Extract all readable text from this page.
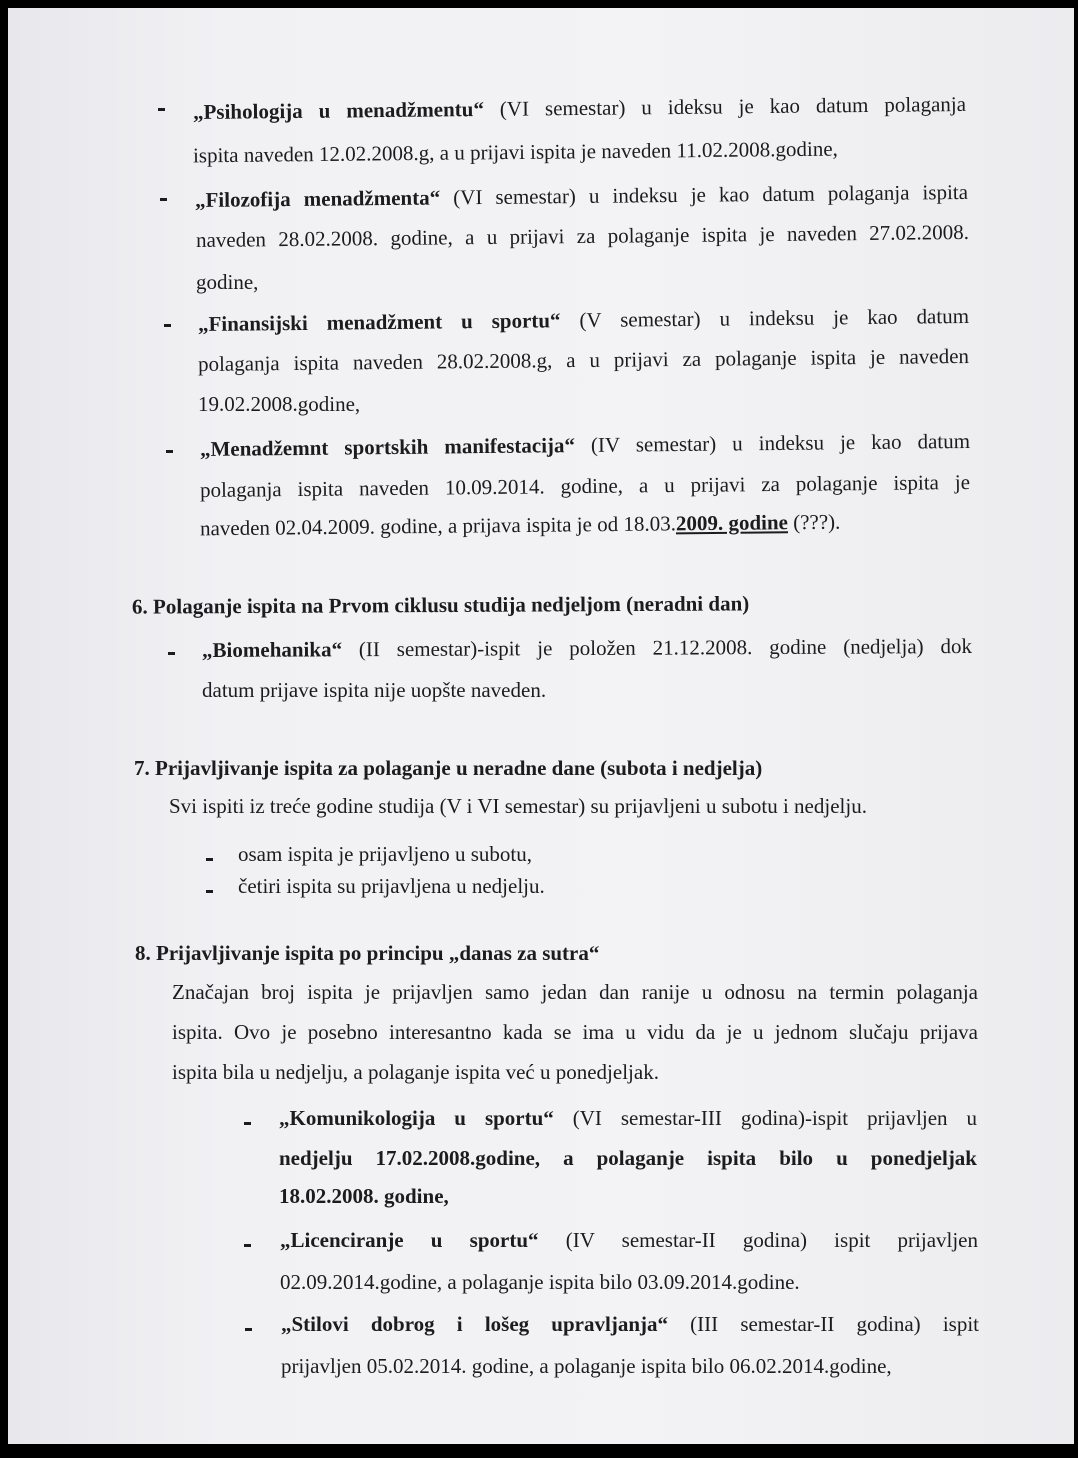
„Psihologija u menadžmentu“ (VI semestar) u ideksu je kao datum polaganja
ispita naveden 12.02.2008.g, a u prijavi ispita je naveden 11.02.2008.godine,
„Filozofija menadžmenta“ (VI semestar) u indeksu je kao datum polaganja ispita
naveden 28.02.2008. godine, a u prijavi za polaganje ispita je naveden 27.02.2008.
godine,
„Finansijski menadžment u sportu“ (V semestar) u indeksu je kao datum
polaganja ispita naveden 28.02.2008.g, a u prijavi za polaganje ispita je naveden
19.02.2008.godine,
„Menadžemnt sportskih manifestacija“ (IV semestar) u indeksu je kao datum
polaganja ispita naveden 10.09.2014. godine, a u prijavi za polaganje ispita je
naveden 02.04.2009. godine, a prijava ispita je od 18.03.2009. godine (???).
6. Polaganje ispita na Prvom ciklusu studija nedjeljom (neradni dan)
„Biomehanika“ (II semestar)-ispit je položen 21.12.2008. godine (nedjelja) dok
datum prijave ispita nije uopšte naveden.
7. Prijavljivanje ispita za polaganje u neradne dane (subota i nedjelja)
Svi ispiti iz treće godine studija (V i VI semestar) su prijavljeni u subotu i nedjelju.
osam ispita je prijavljeno u subotu,
četiri ispita su prijavljena u nedjelju.
8. Prijavljivanje ispita po principu „danas za sutra“
Značajan broj ispita je prijavljen samo jedan dan ranije u odnosu na termin polaganja
ispita. Ovo je posebno interesantno kada se ima u vidu da je u jednom slučaju prijava
ispita bila u nedjelju, a polaganje ispita već u ponedjeljak.
„Komunikologija u sportu“ (VI semestar-III godina)-ispit prijavljen u
nedjelju 17.02.2008.godine, a polaganje ispita bilo u ponedjeljak
18.02.2008. godine,
„Licenciranje u sportu“ (IV semestar-II godina) ispit prijavljen
02.09.2014.godine, a polaganje ispita bilo 03.09.2014.godine.
„Stilovi dobrog i lošeg upravljanja“ (III semestar-II godina) ispit
prijavljen 05.02.2014. godine, a polaganje ispita bilo 06.02.2014.godine,
